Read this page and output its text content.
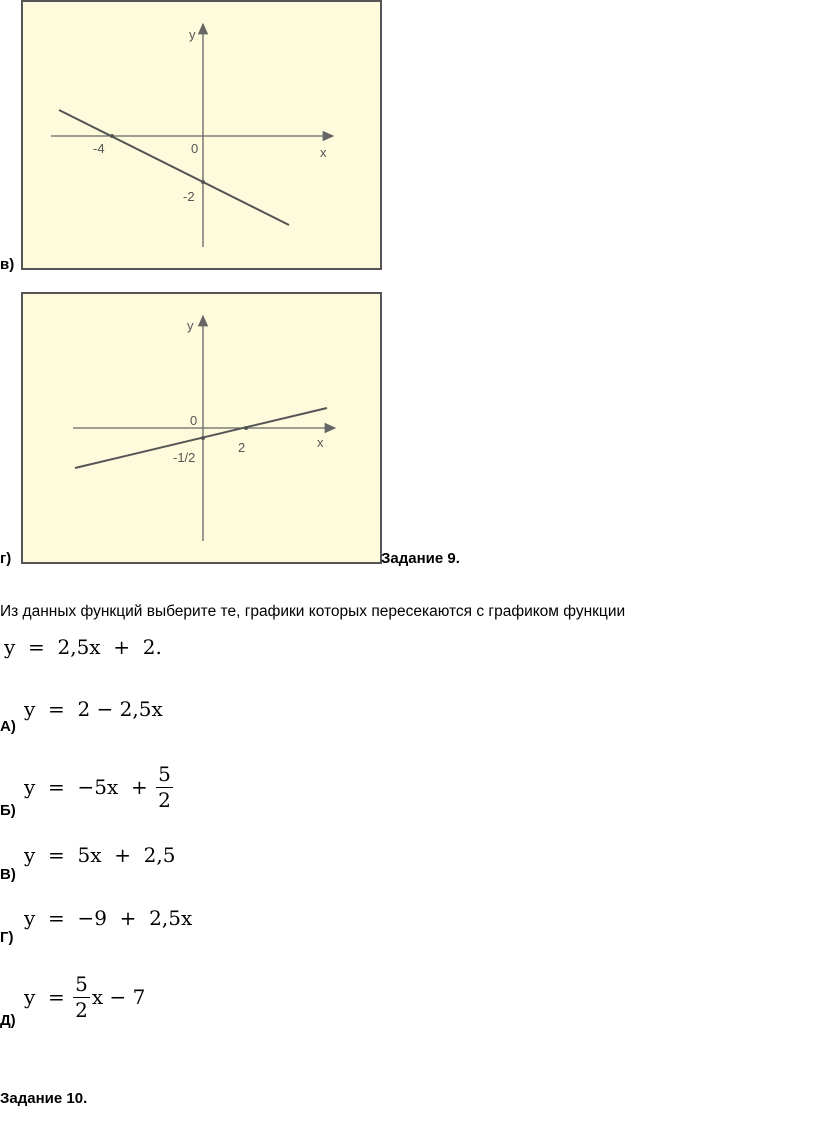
y
x
0
-4
-2
в)
y
x
0
2
-1/2
г)	Задание 9.
Из данных функций выберите те, графики которых пересекаются с графиком функции
y  =  2,5x  +  2.
А)
y  =  2 − 2,5x
Б)
$y = -5x + \frac{5}{2}$
В)
y  =  5x  +  2,5
Г)
y  =  −9  +  2,5x
Д)
$y = \frac{5}{2}$ x − 7
Задание 10.
